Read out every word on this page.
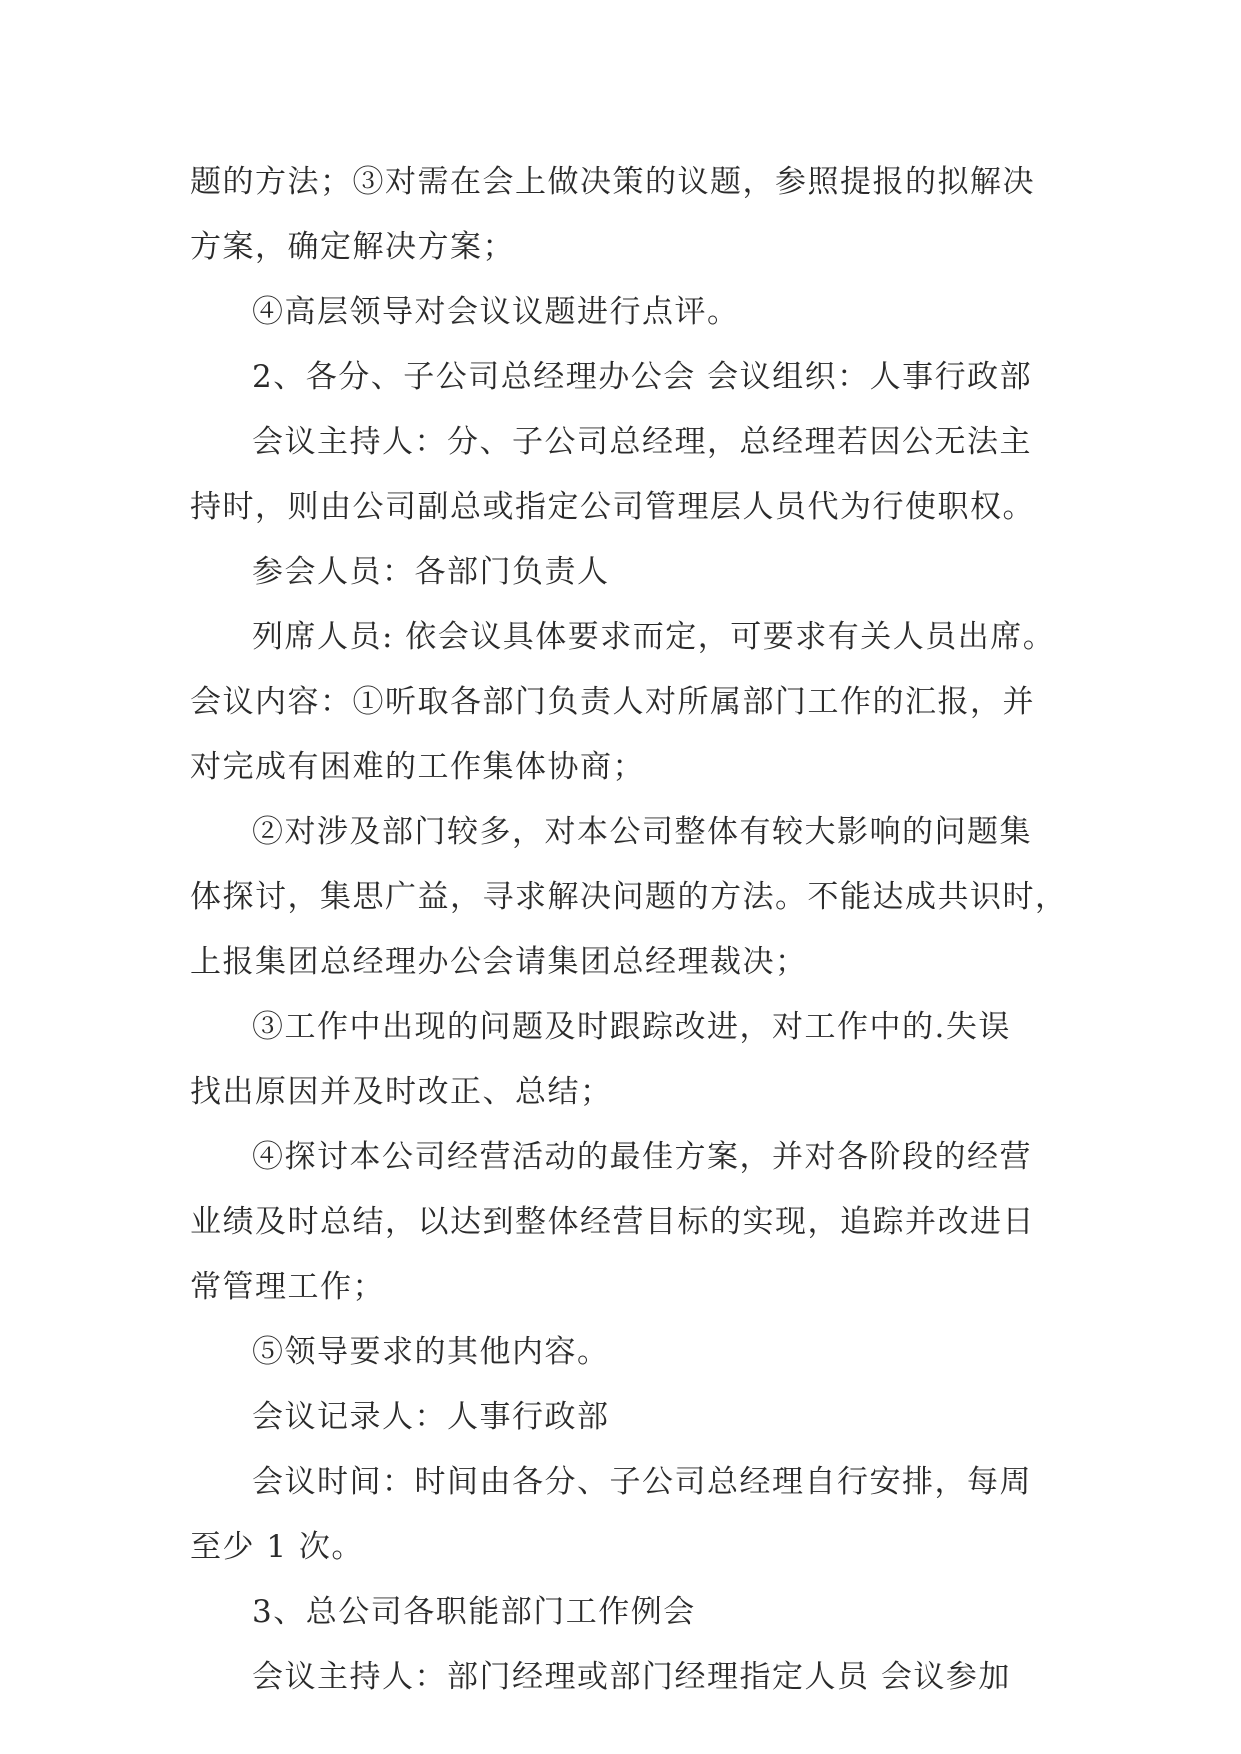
题的方法；③对需在会上做决策的议题，参照提报的拟解决
方案，确定解决方案；
④高层领导对会议议题进行点评。
2、各分、子公司总经理办公会 会议组织：人事行政部
会议主持人：分、子公司总经理，总经理若因公无法主
持时，则由公司副总或指定公司管理层人员代为行使职权。
参会人员：各部门负责人
列席人员: 依会议具体要求而定，可要求有关人员出席。
会议内容：①听取各部门负责人对所属部门工作的汇报，并
对完成有困难的工作集体协商；
②对涉及部门较多，对本公司整体有较大影响的问题集
体探讨，集思广益，寻求解决问题的方法。不能达成共识时，
上报集团总经理办公会请集团总经理裁决；
③工作中出现的问题及时跟踪改进，对工作中的.失误
找出原因并及时改正、总结；
④探讨本公司经营活动的最佳方案，并对各阶段的经营
业绩及时总结，以达到整体经营目标的实现，追踪并改进日
常管理工作；
⑤领导要求的其他内容。
会议记录人：人事行政部
会议时间：时间由各分、子公司总经理自行安排，每周
至少 1 次。
3、总公司各职能部门工作例会
会议主持人：部门经理或部门经理指定人员 会议参加
